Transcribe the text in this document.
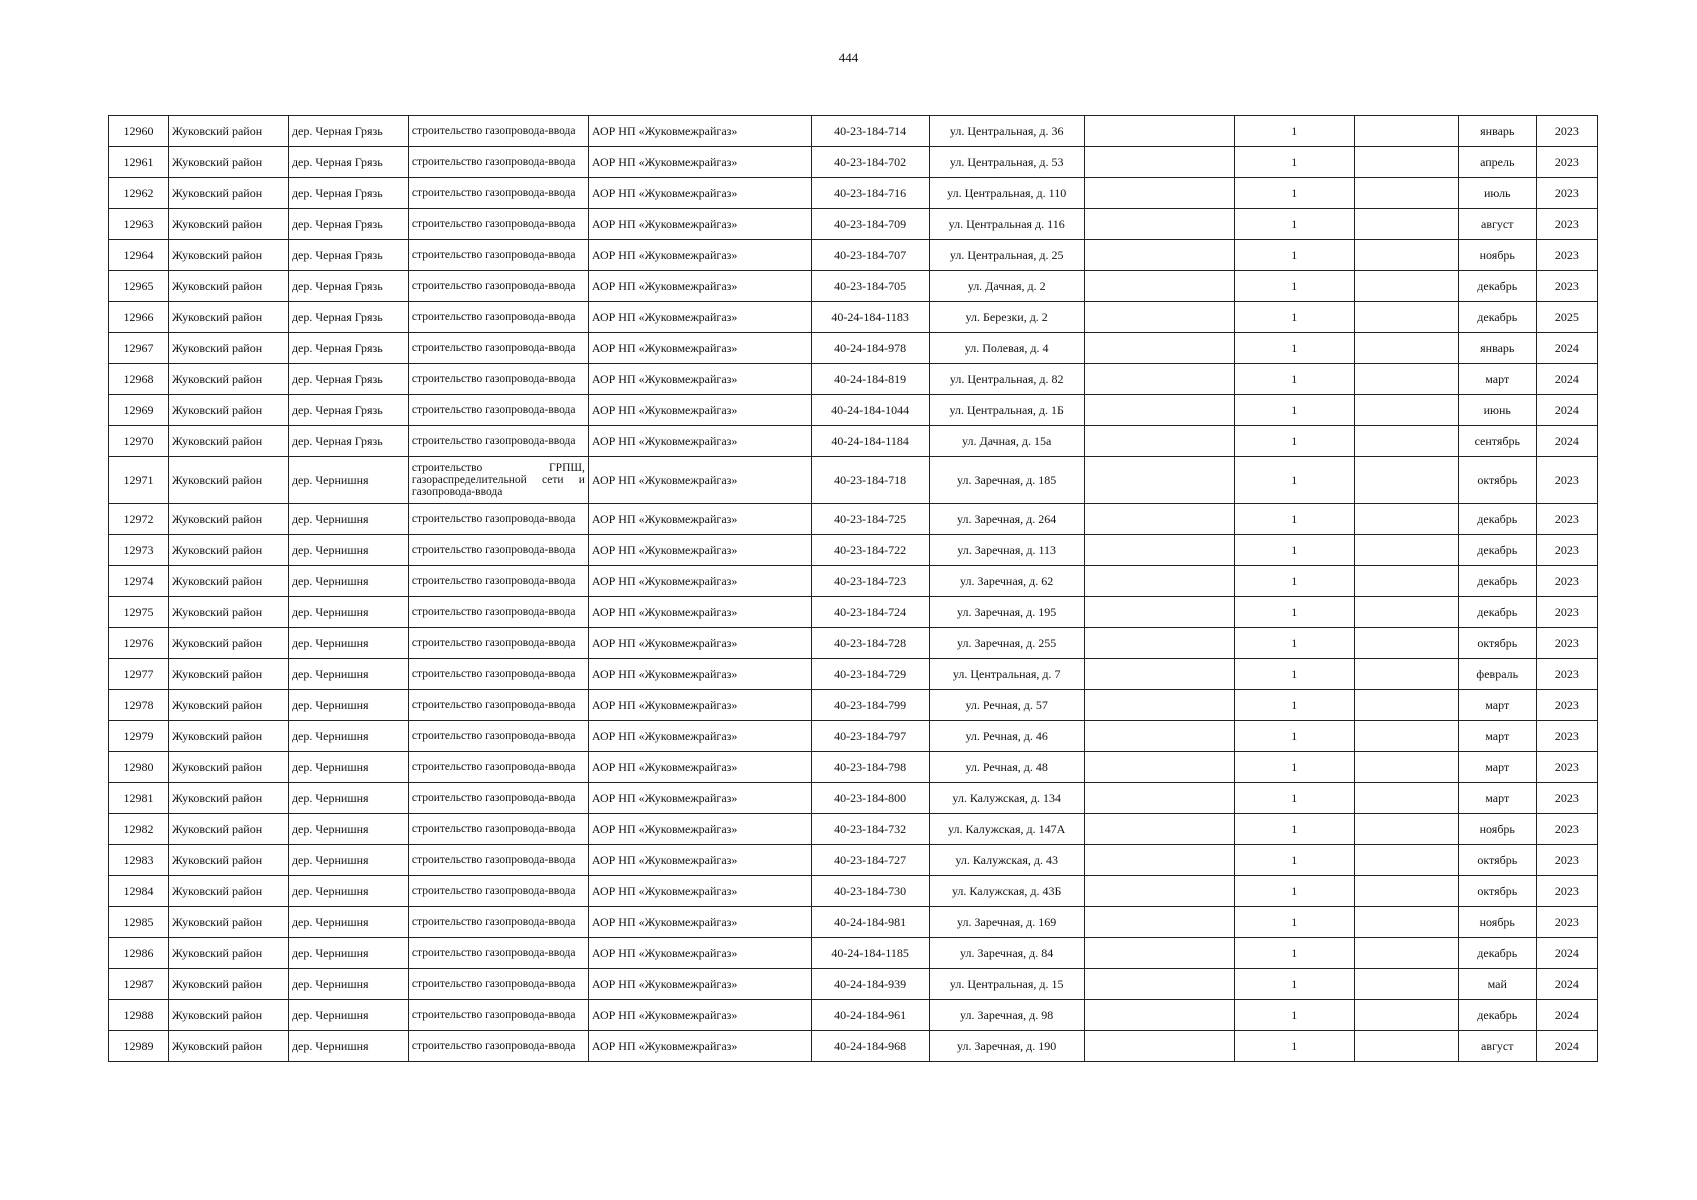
444
12960	Жуковский район	дер. Черная Грязь	строительство газопровода-ввода	АОР НП «Жуковмежрайгаз»	40-23-184-714	ул. Центральная, д. 36		1		январь	2023
12961	Жуковский район	дер. Черная Грязь	строительство газопровода-ввода	АОР НП «Жуковмежрайгаз»	40-23-184-702	ул. Центральная, д. 53		1		апрель	2023
12962	Жуковский район	дер. Черная Грязь	строительство газопровода-ввода	АОР НП «Жуковмежрайгаз»	40-23-184-716	ул. Центральная, д. 110		1		июль	2023
12963	Жуковский район	дер. Черная Грязь	строительство газопровода-ввода	АОР НП «Жуковмежрайгаз»	40-23-184-709	ул. Центральная д. 116		1		август	2023
12964	Жуковский район	дер. Черная Грязь	строительство газопровода-ввода	АОР НП «Жуковмежрайгаз»	40-23-184-707	ул. Центральная, д. 25		1		ноябрь	2023
12965	Жуковский район	дер. Черная Грязь	строительство газопровода-ввода	АОР НП «Жуковмежрайгаз»	40-23-184-705	ул. Дачная, д. 2		1		декабрь	2023
12966	Жуковский район	дер. Черная Грязь	строительство газопровода-ввода	АОР НП «Жуковмежрайгаз»	40-24-184-1183	ул. Березки, д. 2		1		декабрь	2025
12967	Жуковский район	дер. Черная Грязь	строительство газопровода-ввода	АОР НП «Жуковмежрайгаз»	40-24-184-978	ул. Полевая, д. 4		1		январь	2024
12968	Жуковский район	дер. Черная Грязь	строительство газопровода-ввода	АОР НП «Жуковмежрайгаз»	40-24-184-819	ул. Центральная, д. 82		1		март	2024
12969	Жуковский район	дер. Черная Грязь	строительство газопровода-ввода	АОР НП «Жуковмежрайгаз»	40-24-184-1044	ул. Центральная, д. 1Б		1		июнь	2024
12970	Жуковский район	дер. Черная Грязь	строительство газопровода-ввода	АОР НП «Жуковмежрайгаз»	40-24-184-1184	ул. Дачная, д. 15а		1		сентябрь	2024
12971	Жуковский район	дер. Чернишня	строительство ГРПШ, газораспределительной сети и газопровода-ввода	АОР НП «Жуковмежрайгаз»	40-23-184-718	ул. Заречная, д. 185		1		октябрь	2023
12972	Жуковский район	дер. Чернишня	строительство газопровода-ввода	АОР НП «Жуковмежрайгаз»	40-23-184-725	ул. Заречная, д. 264		1		декабрь	2023
12973	Жуковский район	дер. Чернишня	строительство газопровода-ввода	АОР НП «Жуковмежрайгаз»	40-23-184-722	ул. Заречная, д. 113		1		декабрь	2023
12974	Жуковский район	дер. Чернишня	строительство газопровода-ввода	АОР НП «Жуковмежрайгаз»	40-23-184-723	ул. Заречная, д. 62		1		декабрь	2023
12975	Жуковский район	дер. Чернишня	строительство газопровода-ввода	АОР НП «Жуковмежрайгаз»	40-23-184-724	ул. Заречная, д. 195		1		декабрь	2023
12976	Жуковский район	дер. Чернишня	строительство газопровода-ввода	АОР НП «Жуковмежрайгаз»	40-23-184-728	ул. Заречная, д. 255		1		октябрь	2023
12977	Жуковский район	дер. Чернишня	строительство газопровода-ввода	АОР НП «Жуковмежрайгаз»	40-23-184-729	ул. Центральная, д. 7		1		февраль	2023
12978	Жуковский район	дер. Чернишня	строительство газопровода-ввода	АОР НП «Жуковмежрайгаз»	40-23-184-799	ул. Речная, д. 57		1		март	2023
12979	Жуковский район	дер. Чернишня	строительство газопровода-ввода	АОР НП «Жуковмежрайгаз»	40-23-184-797	ул. Речная, д. 46		1		март	2023
12980	Жуковский район	дер. Чернишня	строительство газопровода-ввода	АОР НП «Жуковмежрайгаз»	40-23-184-798	ул. Речная, д. 48		1		март	2023
12981	Жуковский район	дер. Чернишня	строительство газопровода-ввода	АОР НП «Жуковмежрайгаз»	40-23-184-800	ул. Калужская, д. 134		1		март	2023
12982	Жуковский район	дер. Чернишня	строительство газопровода-ввода	АОР НП «Жуковмежрайгаз»	40-23-184-732	ул. Калужская, д. 147А		1		ноябрь	2023
12983	Жуковский район	дер. Чернишня	строительство газопровода-ввода	АОР НП «Жуковмежрайгаз»	40-23-184-727	ул. Калужская, д. 43		1		октябрь	2023
12984	Жуковский район	дер. Чернишня	строительство газопровода-ввода	АОР НП «Жуковмежрайгаз»	40-23-184-730	ул. Калужская, д. 43Б		1		октябрь	2023
12985	Жуковский район	дер. Чернишня	строительство газопровода-ввода	АОР НП «Жуковмежрайгаз»	40-24-184-981	ул. Заречная, д. 169		1		ноябрь	2023
12986	Жуковский район	дер. Чернишня	строительство газопровода-ввода	АОР НП «Жуковмежрайгаз»	40-24-184-1185	ул. Заречная, д. 84		1		декабрь	2024
12987	Жуковский район	дер. Чернишня	строительство газопровода-ввода	АОР НП «Жуковмежрайгаз»	40-24-184-939	ул. Центральная, д. 15		1		май	2024
12988	Жуковский район	дер. Чернишня	строительство газопровода-ввода	АОР НП «Жуковмежрайгаз»	40-24-184-961	ул. Заречная, д. 98		1		декабрь	2024
12989	Жуковский район	дер. Чернишня	строительство газопровода-ввода	АОР НП «Жуковмежрайгаз»	40-24-184-968	ул. Заречная, д. 190		1		август	2024
